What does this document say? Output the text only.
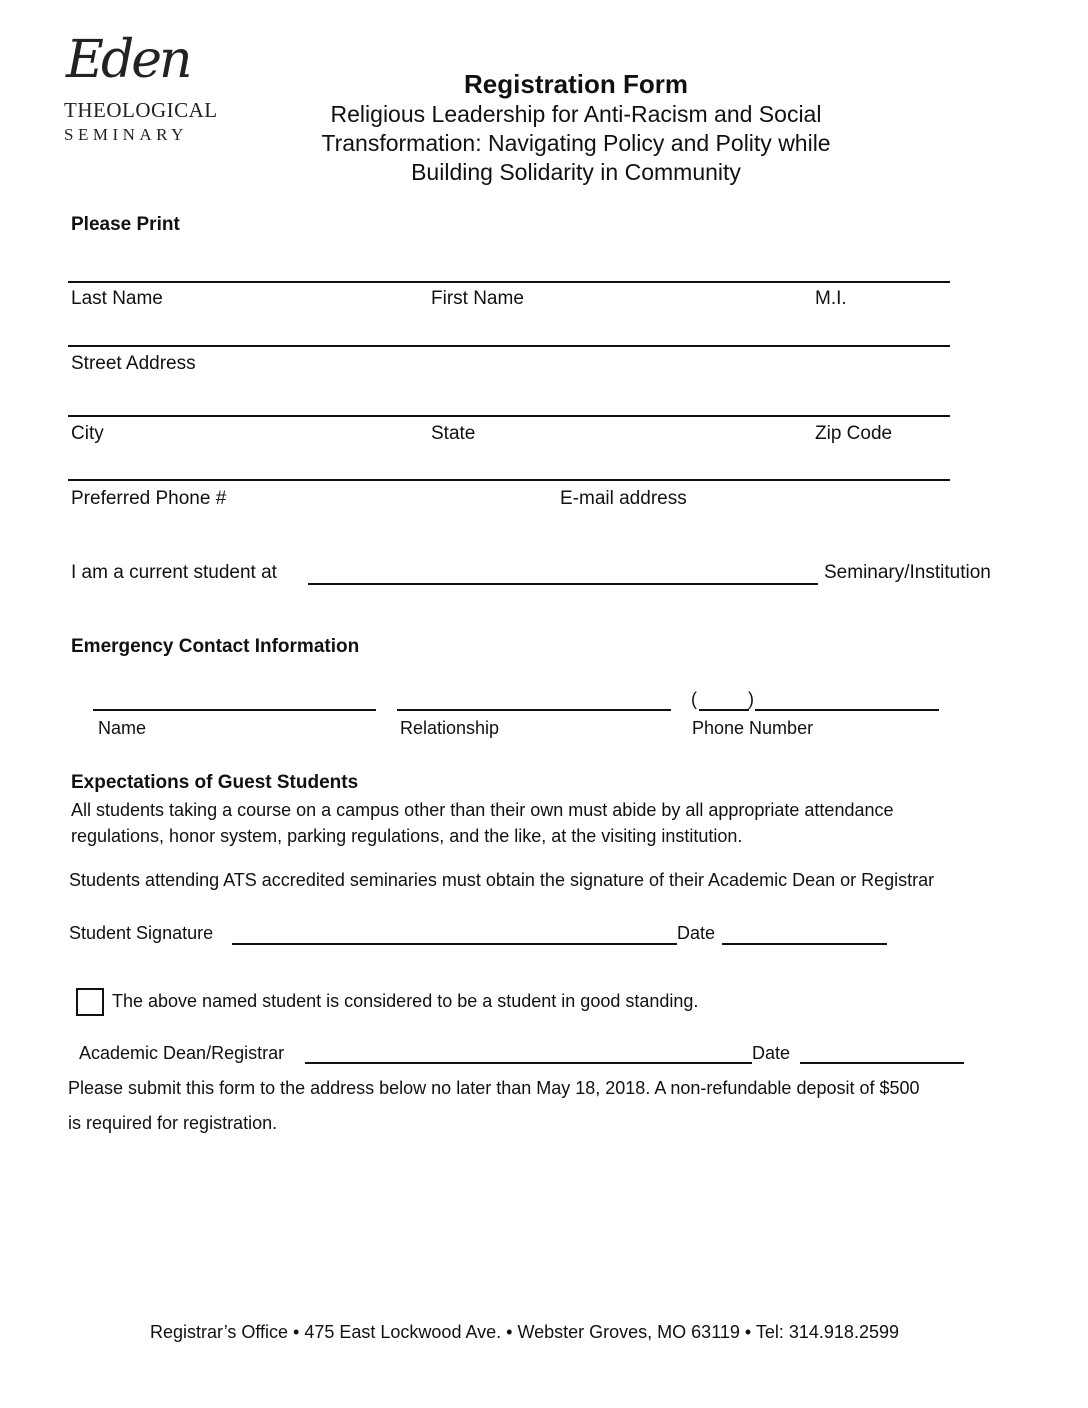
Eden
THEOLOGICAL
SEMINARY
Registration Form
Religious Leadership for Anti-Racism and Social
Transformation: Navigating Policy and Polity while
Building Solidarity in Community
Please Print
Last Name	First Name	M.I.
Street Address
City	State	Zip Code
Preferred Phone #	E-mail address
I am a current student at	Seminary/Institution
Emergency Contact Information
(	)
Name	Relationship	Phone Number
Expectations of Guest Students
All students taking a course on a campus other than their own must abide by all appropriate attendance
regulations, honor system, parking regulations, and the like, at the visiting institution.
Students attending ATS accredited seminaries must obtain the signature of their Academic Dean or Registrar
Student Signature	Date
The above named student is considered to be a student in good standing.
Academic Dean/Registrar	Date
Please submit this form to the address below no later than May 18, 2018. A non-refundable deposit of $500
is required for registration.
Registrar’s Office • 475 East Lockwood Ave. • Webster Groves, MO 63119 • Tel: 314.918.2599
